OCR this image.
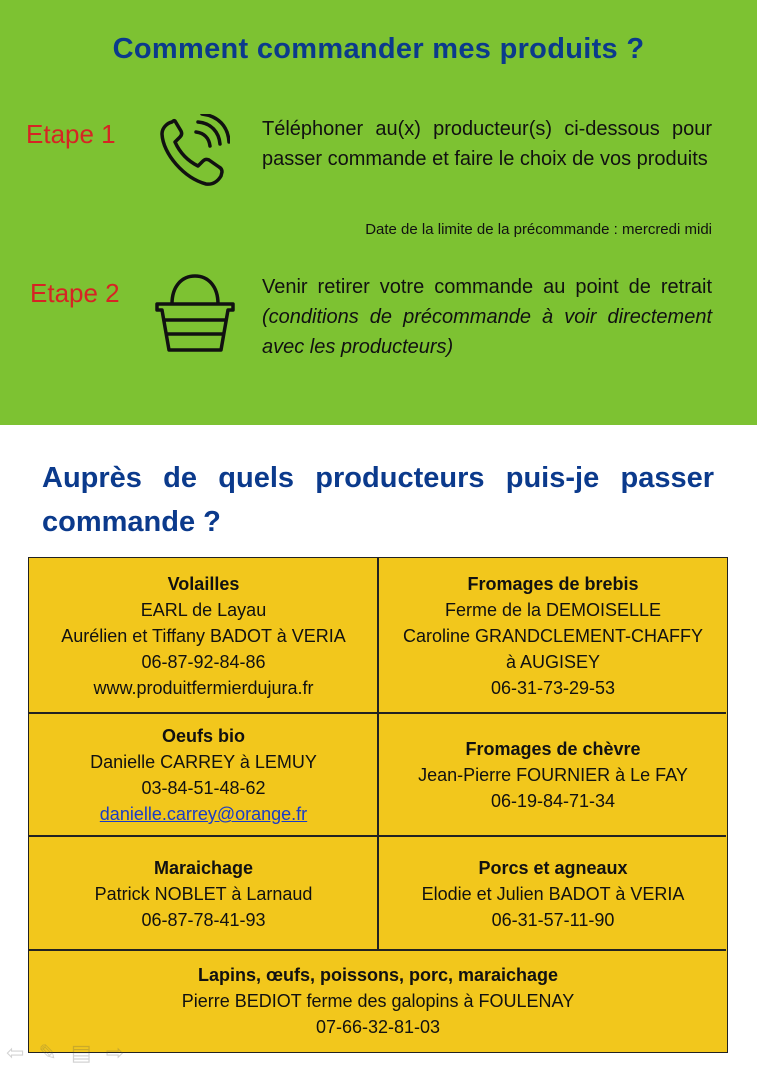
Comment commander mes produits ?
Etape 1	Téléphoner au(x) producteur(s) ci-dessous pour passer commande et faire le choix de vos produits
Date de la limite de la précommande : mercredi midi
Etape 2	Venir retirer votre commande au point de retrait (conditions de précommande à voir directement avec les producteurs)
Auprès de quels producteurs puis-je passer commande ?
Volailles
EARL de Layau
Aurélien et Tiffany BADOT à VERIA
06-87-92-84-86
www.produitfermierdujura.fr
Fromages de brebis
Ferme de la DEMOISELLE
Caroline GRANDCLEMENT-CHAFFY
à AUGISEY
06-31-73-29-53
Oeufs bio
Danielle CARREY à LEMUY
03-84-51-48-62
danielle.carrey@orange.fr
Fromages de chèvre
Jean-Pierre FOURNIER à Le FAY
06-19-84-71-34
Maraichage
Patrick NOBLET à Larnaud
06-87-78-41-93
Porcs et agneaux
Elodie et Julien BADOT à VERIA
06-31-57-11-90
Lapins, œufs, poissons, porc, maraichage
Pierre BEDIOT ferme des galopins à FOULENAY
07-66-32-81-03
⇦ ✎ ▤ ⇨
